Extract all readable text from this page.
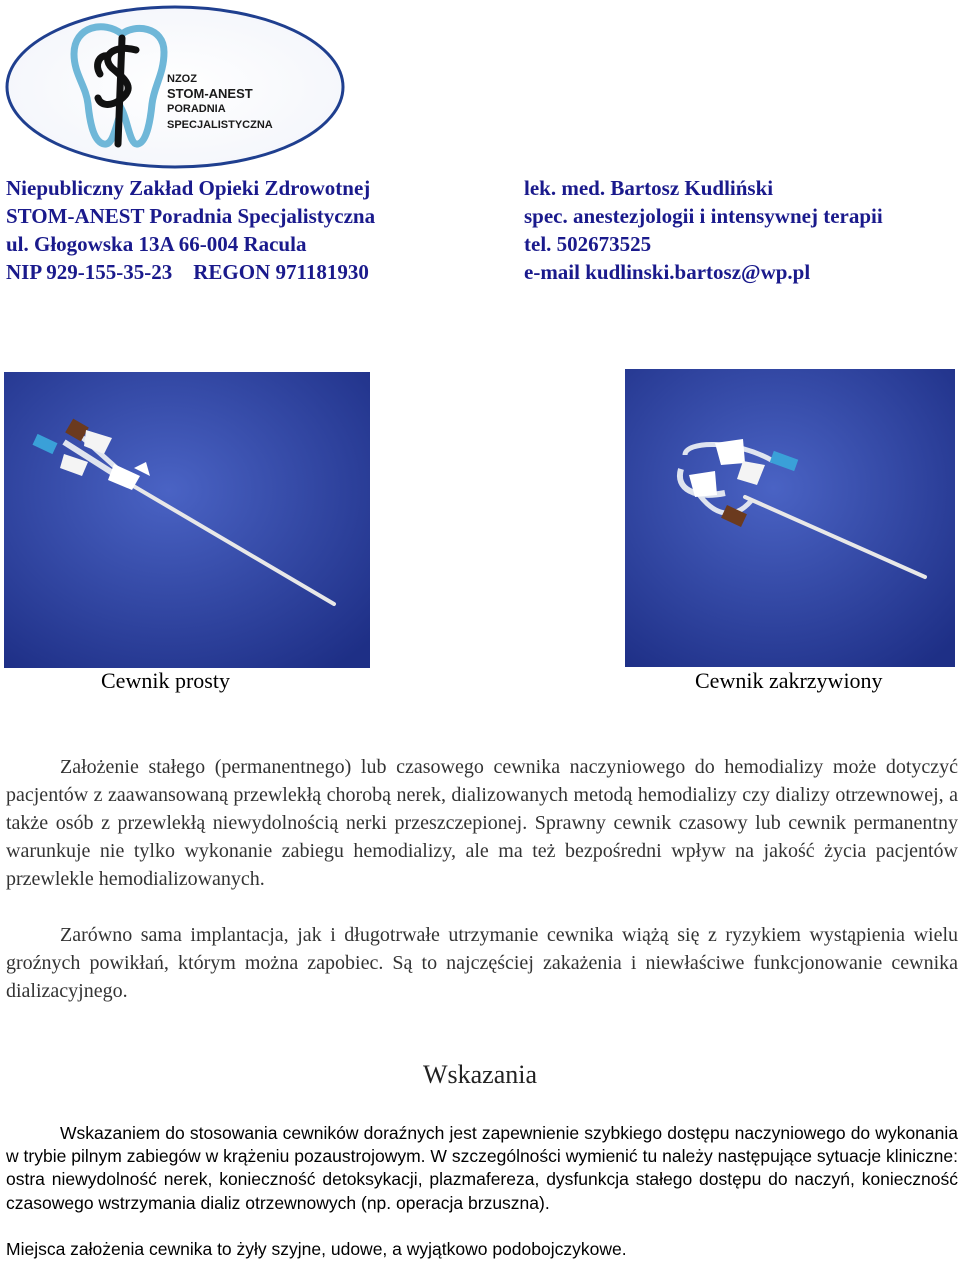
NZOZ
STOM-ANEST
PORADNIA
SPECJALISTYCZNA
Niepubliczny Zakład Opieki Zdrowotnej
STOM-ANEST Poradnia Specjalistyczna
ul. Głogowska 13A 66-004 Racula
NIP 929-155-35-23    REGON 971181930
lek. med. Bartosz Kudliński
spec. anestezjologii i intensywnej terapii
tel. 502673525
e-mail kudlinski.bartosz@wp.pl
Cewnik prosty	Cewnik zakrzywiony
Założenie stałego (permanentnego) lub czasowego cewnika naczyniowego do hemodializy może dotyczyć pacjentów z zaawansowaną przewlekłą chorobą nerek, dializowanych metodą hemodializy czy dializy otrzewnowej, a także osób z przewlekłą niewydolnością nerki przeszczepionej. Sprawny cewnik czasowy lub cewnik permanentny warunkuje nie tylko wykonanie zabiegu hemodializy, ale ma też bezpośredni wpływ na jakość życia pacjentów przewlekle hemodializowanych.
Zarówno sama implantacja, jak i długotrwałe utrzymanie cewnika wiążą się z ryzykiem wystąpienia wielu groźnych powikłań, którym można zapobiec. Są to najczęściej zakażenia i niewłaściwe funkcjonowanie cewnika dializacyjnego.
Wskazania
Wskazaniem do stosowania cewników doraźnych jest zapewnienie szybkiego dostępu naczyniowego do wykonania w trybie pilnym zabiegów w krążeniu pozaustrojowym. W szczególności wymienić tu należy następujące sytuacje kliniczne: ostra niewydolność nerek, konieczność detoksykacji, plazmafereza, dysfunkcja stałego dostępu do naczyń, konieczność czasowego wstrzymania dializ otrzewnowych (np. operacja brzuszna).
Miejsca założenia cewnika to żyły szyjne, udowe, a wyjątkowo podobojczykowe.
